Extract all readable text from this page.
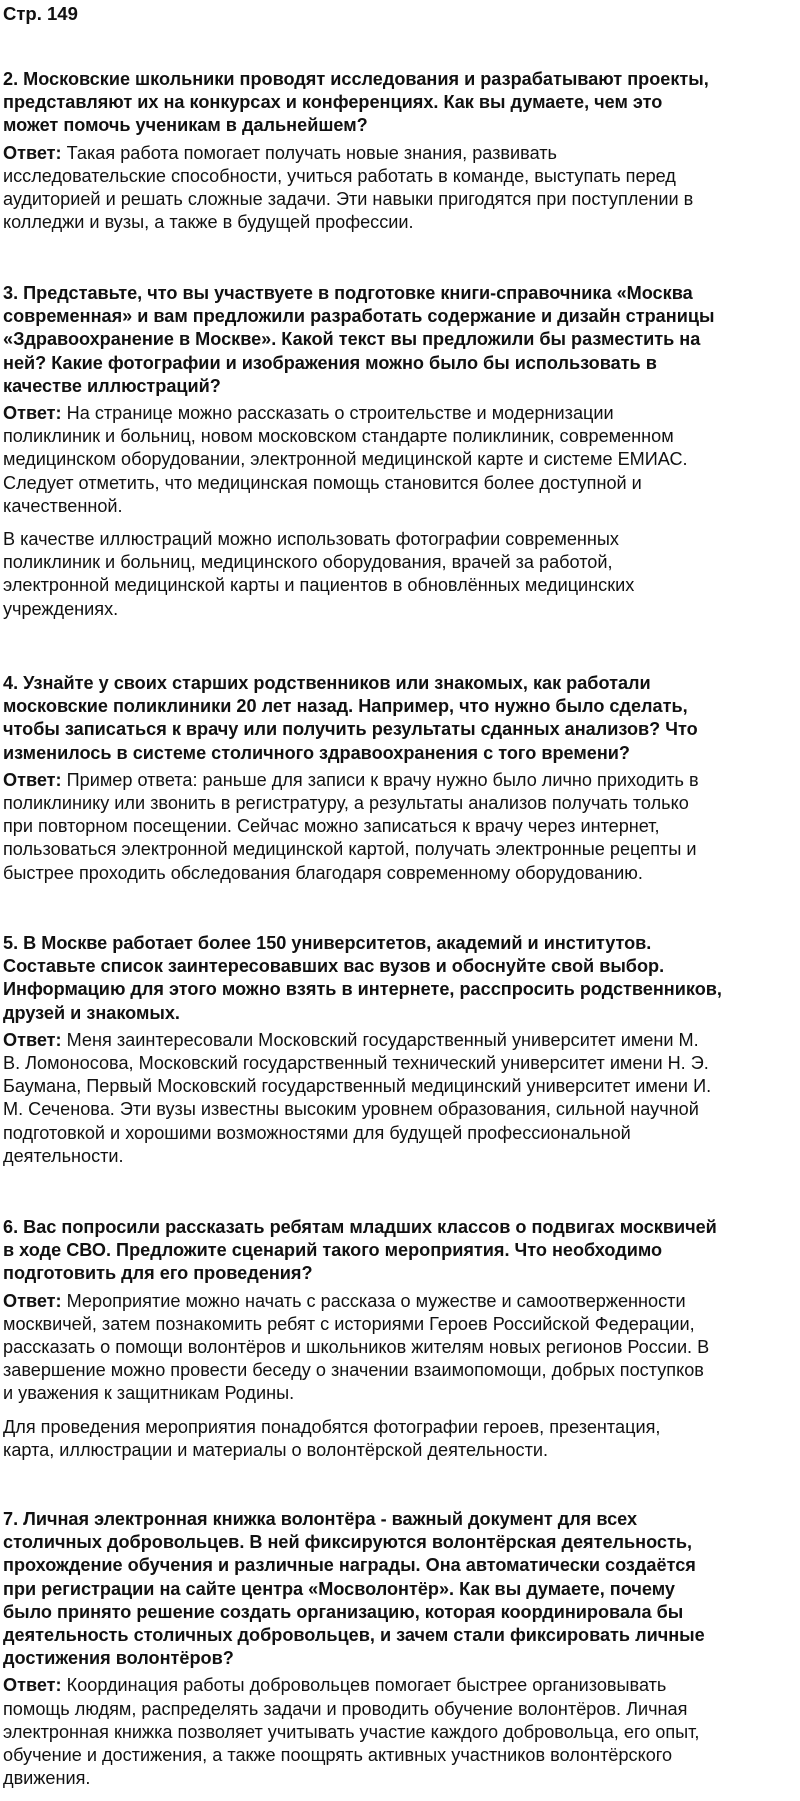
Стр. 149
2. Московские школьники проводят исследования и разрабатывают проекты,
представляют их на конкурсах и конференциях. Как вы думаете, чем это
может помочь ученикам в дальнейшем?
Ответ: Такая работа помогает получать новые знания, развивать
исследовательские способности, учиться работать в команде, выступать перед
аудиторией и решать сложные задачи. Эти навыки пригодятся при поступлении в
колледжи и вузы, а также в будущей профессии.
3. Представьте, что вы участвуете в подготовке книги-справочника «Москва
современная» и вам предложили разработать содержание и дизайн страницы
«Здравоохранение в Москве». Какой текст вы предложили бы разместить на
ней? Какие фотографии и изображения можно было бы использовать в
качестве иллюстраций?
Ответ: На странице можно рассказать о строительстве и модернизации
поликлиник и больниц, новом московском стандарте поликлиник, современном
медицинском оборудовании, электронной медицинской карте и системе ЕМИАС.
Следует отметить, что медицинская помощь становится более доступной и
качественной.
В качестве иллюстраций можно использовать фотографии современных
поликлиник и больниц, медицинского оборудования, врачей за работой,
электронной медицинской карты и пациентов в обновлённых медицинских
учреждениях.
4. Узнайте у своих старших родственников или знакомых, как работали
московские поликлиники 20 лет назад. Например, что нужно было сделать,
чтобы записаться к врачу или получить результаты сданных анализов? Что
изменилось в системе столичного здравоохранения с того времени?
Ответ: Пример ответа: раньше для записи к врачу нужно было лично приходить в
поликлинику или звонить в регистратуру, а результаты анализов получать только
при повторном посещении. Сейчас можно записаться к врачу через интернет,
пользоваться электронной медицинской картой, получать электронные рецепты и
быстрее проходить обследования благодаря современному оборудованию.
5. В Москве работает более 150 университетов, академий и институтов.
Составьте список заинтересовавших вас вузов и обоснуйте свой выбор.
Информацию для этого можно взять в интернете, расспросить родственников,
друзей и знакомых.
Ответ: Меня заинтересовали Московский государственный университет имени М.
В. Ломоносова, Московский государственный технический университет имени Н. Э.
Баумана, Первый Московский государственный медицинский университет имени И.
М. Сеченова. Эти вузы известны высоким уровнем образования, сильной научной
подготовкой и хорошими возможностями для будущей профессиональной
деятельности.
6. Вас попросили рассказать ребятам младших классов о подвигах москвичей
в ходе СВО. Предложите сценарий такого мероприятия. Что необходимо
подготовить для его проведения?
Ответ: Мероприятие можно начать с рассказа о мужестве и самоотверженности
москвичей, затем познакомить ребят с историями Героев Российской Федерации,
рассказать о помощи волонтёров и школьников жителям новых регионов России. В
завершение можно провести беседу о значении взаимопомощи, добрых поступков
и уважения к защитникам Родины.
Для проведения мероприятия понадобятся фотографии героев, презентация,
карта, иллюстрации и материалы о волонтёрской деятельности.
7. Личная электронная книжка волонтёра - важный документ для всех
столичных добровольцев. В ней фиксируются волонтёрская деятельность,
прохождение обучения и различные награды. Она автоматически создаётся
при регистрации на сайте центра «Мосволонтёр». Как вы думаете, почему
было принято решение создать организацию, которая координировала бы
деятельность столичных добровольцев, и зачем стали фиксировать личные
достижения волонтёров?
Ответ: Координация работы добровольцев помогает быстрее организовывать
помощь людям, распределять задачи и проводить обучение волонтёров. Личная
электронная книжка позволяет учитывать участие каждого добровольца, его опыт,
обучение и достижения, а также поощрять активных участников волонтёрского
движения.
